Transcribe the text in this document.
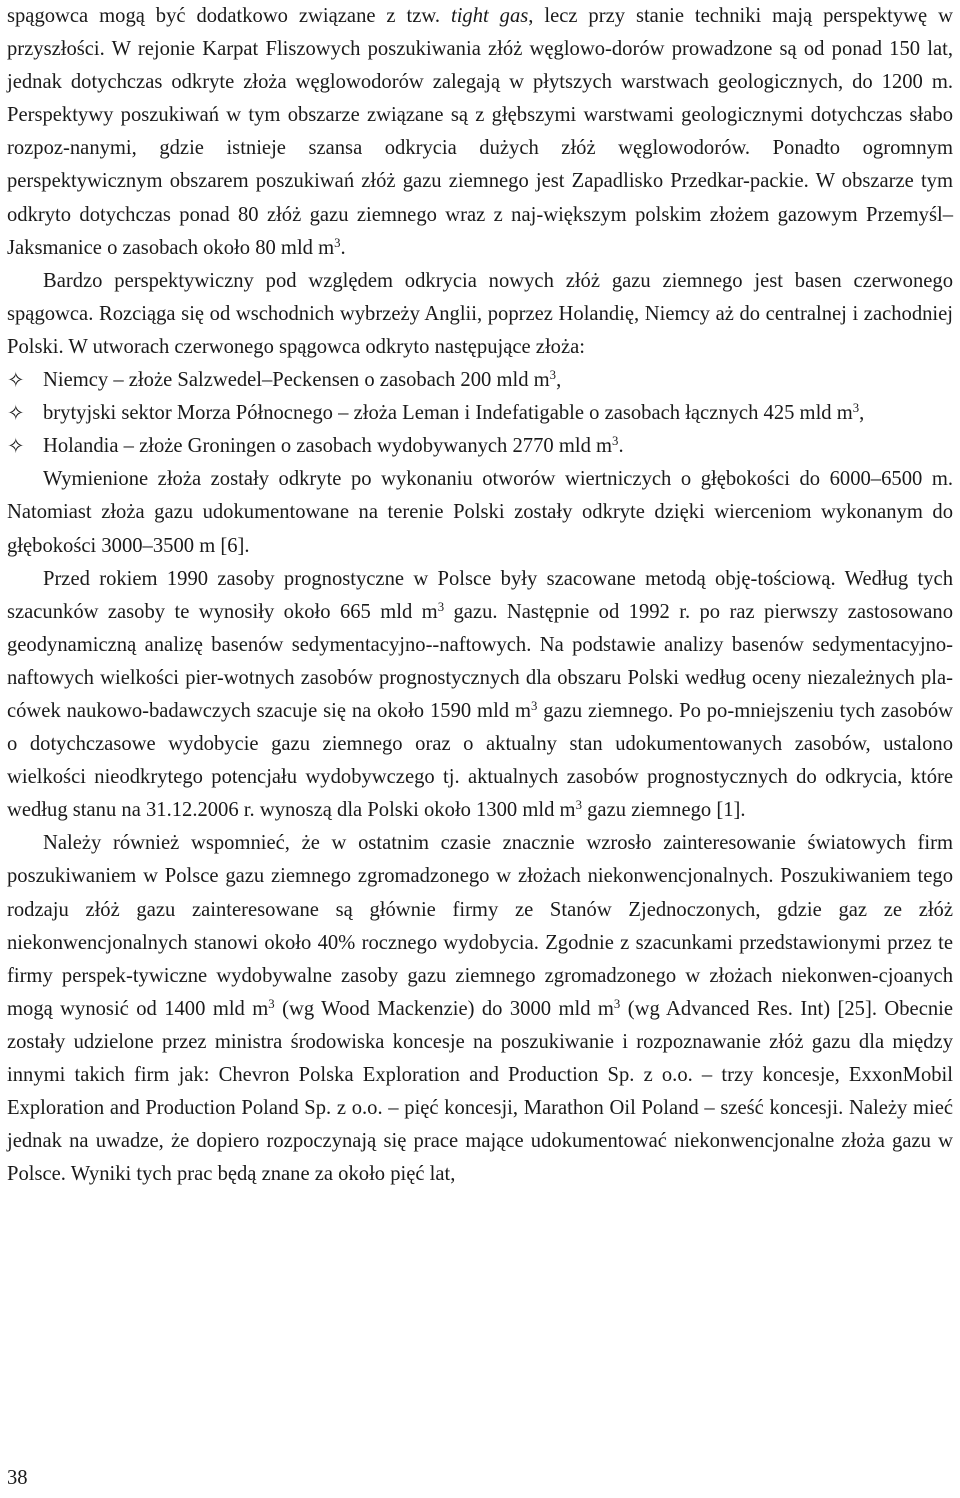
spągowca mogą być dodatkowo związane z tzw. tight gas, lecz przy stanie techniki mają perspektywę w przyszłości. W rejonie Karpat Fliszowych poszukiwania złóż węglowo-dorów prowadzone są od ponad 150 lat, jednak dotychczas odkryte złoża węglowodorów zalegają w płytszych warstwach geologicznych, do 1200 m. Perspektywy poszukiwań w tym obszarze związane są z głębszymi warstwami geologicznymi dotychczas słabo rozpoz-nanymi, gdzie istnieje szansa odkrycia dużych złóż węglowodorów. Ponadto ogromnym perspektywicznym obszarem poszukiwań złóż gazu ziemnego jest Zapadlisko Przedkar-packie. W obszarze tym odkryto dotychczas ponad 80 złóż gazu ziemnego wraz z naj-większym polskim złożem gazowym Przemyśl–Jaksmanice o zasobach około 80 mld $m^3$.

Bardzo perspektywiczny pod względem odkrycia nowych złóż gazu ziemnego jest basen czerwonego spągowca. Rozciąga się od wschodnich wybrzeży Anglii, poprzez Holandię, Niemcy aż do centralnej i zachodniej Polski. W utworach czerwonego spągowca odkryto następujące złoża:

✧ Niemcy – złoże Salzwedel–Peckensen o zasobach 200 mld $m^3$,
✧ brytyjski sektor Morza Północnego – złoża Leman i Indefatigable o zasobach łącznych 425 mld $m^3$,
✧ Holandia – złoże Groningen o zasobach wydobywanych 2770 mld $m^3$.

Wymienione złoża zostały odkryte po wykonaniu otworów wiertniczych o głębokości do 6000–6500 m. Natomiast złoża gazu udokumentowane na terenie Polski zostały odkryte dzięki wierceniom wykonanym do głębokości 3000–3500 m [6].

Przed rokiem 1990 zasoby prognostyczne w Polsce były szacowane metodą obję-tościową. Według tych szacunków zasoby te wynosiły około 665 mld $m^3$ gazu. Następnie od 1992 r. po raz pierwszy zastosowano geodynamiczną analizę basenów sedymentacyjno--naftowych. Na podstawie analizy basenów sedymentacyjno-naftowych wielkości pier-wotnych zasobów prognostycznych dla obszaru Polski według oceny niezależnych pla-cówek naukowo-badawczych szacuje się na około 1590 mld $m^3$ gazu ziemnego. Po po-mniejszeniu tych zasobów o dotychczasowe wydobycie gazu ziemnego oraz o aktualny stan udokumentowanych zasobów, ustalono wielkości nieodkrytego potencjału wydobywczego tj. aktualnych zasobów prognostycznych do odkrycia, które według stanu na 31.12.2006 r. wynoszą dla Polski około 1300 mld $m^3$ gazu ziemnego [1].

Należy również wspomnieć, że w ostatnim czasie znacznie wzrosło zainteresowanie światowych firm poszukiwaniem w Polsce gazu ziemnego zgromadzonego w złożach niekonwencjonalnych. Poszukiwaniem tego rodzaju złóż gazu zainteresowane są głównie firmy ze Stanów Zjednoczonych, gdzie gaz ze złóż niekonwencjonalnych stanowi około 40% rocznego wydobycia. Zgodnie z szacunkami przedstawionymi przez te firmy perspek-tywiczne wydobywalne zasoby gazu ziemnego zgromadzonego w złożach niekonwen-cjoanych mogą wynosić od 1400 mld $m^3$ (wg Wood Mackenzie) do 3000 mld $m^3$ (wg Advanced Res. Int) [25]. Obecnie zostały udzielone przez ministra środowiska koncesje na poszukiwanie i rozpoznawanie złóż gazu dla między innymi takich firm jak: Chevron Polska Exploration and Production Sp. z o.o. – trzy koncesje, ExxonMobil Exploration and Production Poland Sp. z o.o. – pięć koncesji, Marathon Oil Poland – sześć koncesji. Należy mieć jednak na uwadze, że dopiero rozpoczynają się prace mające udokumentować niekonwencjonalne złoża gazu w Polsce. Wyniki tych prac będą znane za około pięć lat,

38
